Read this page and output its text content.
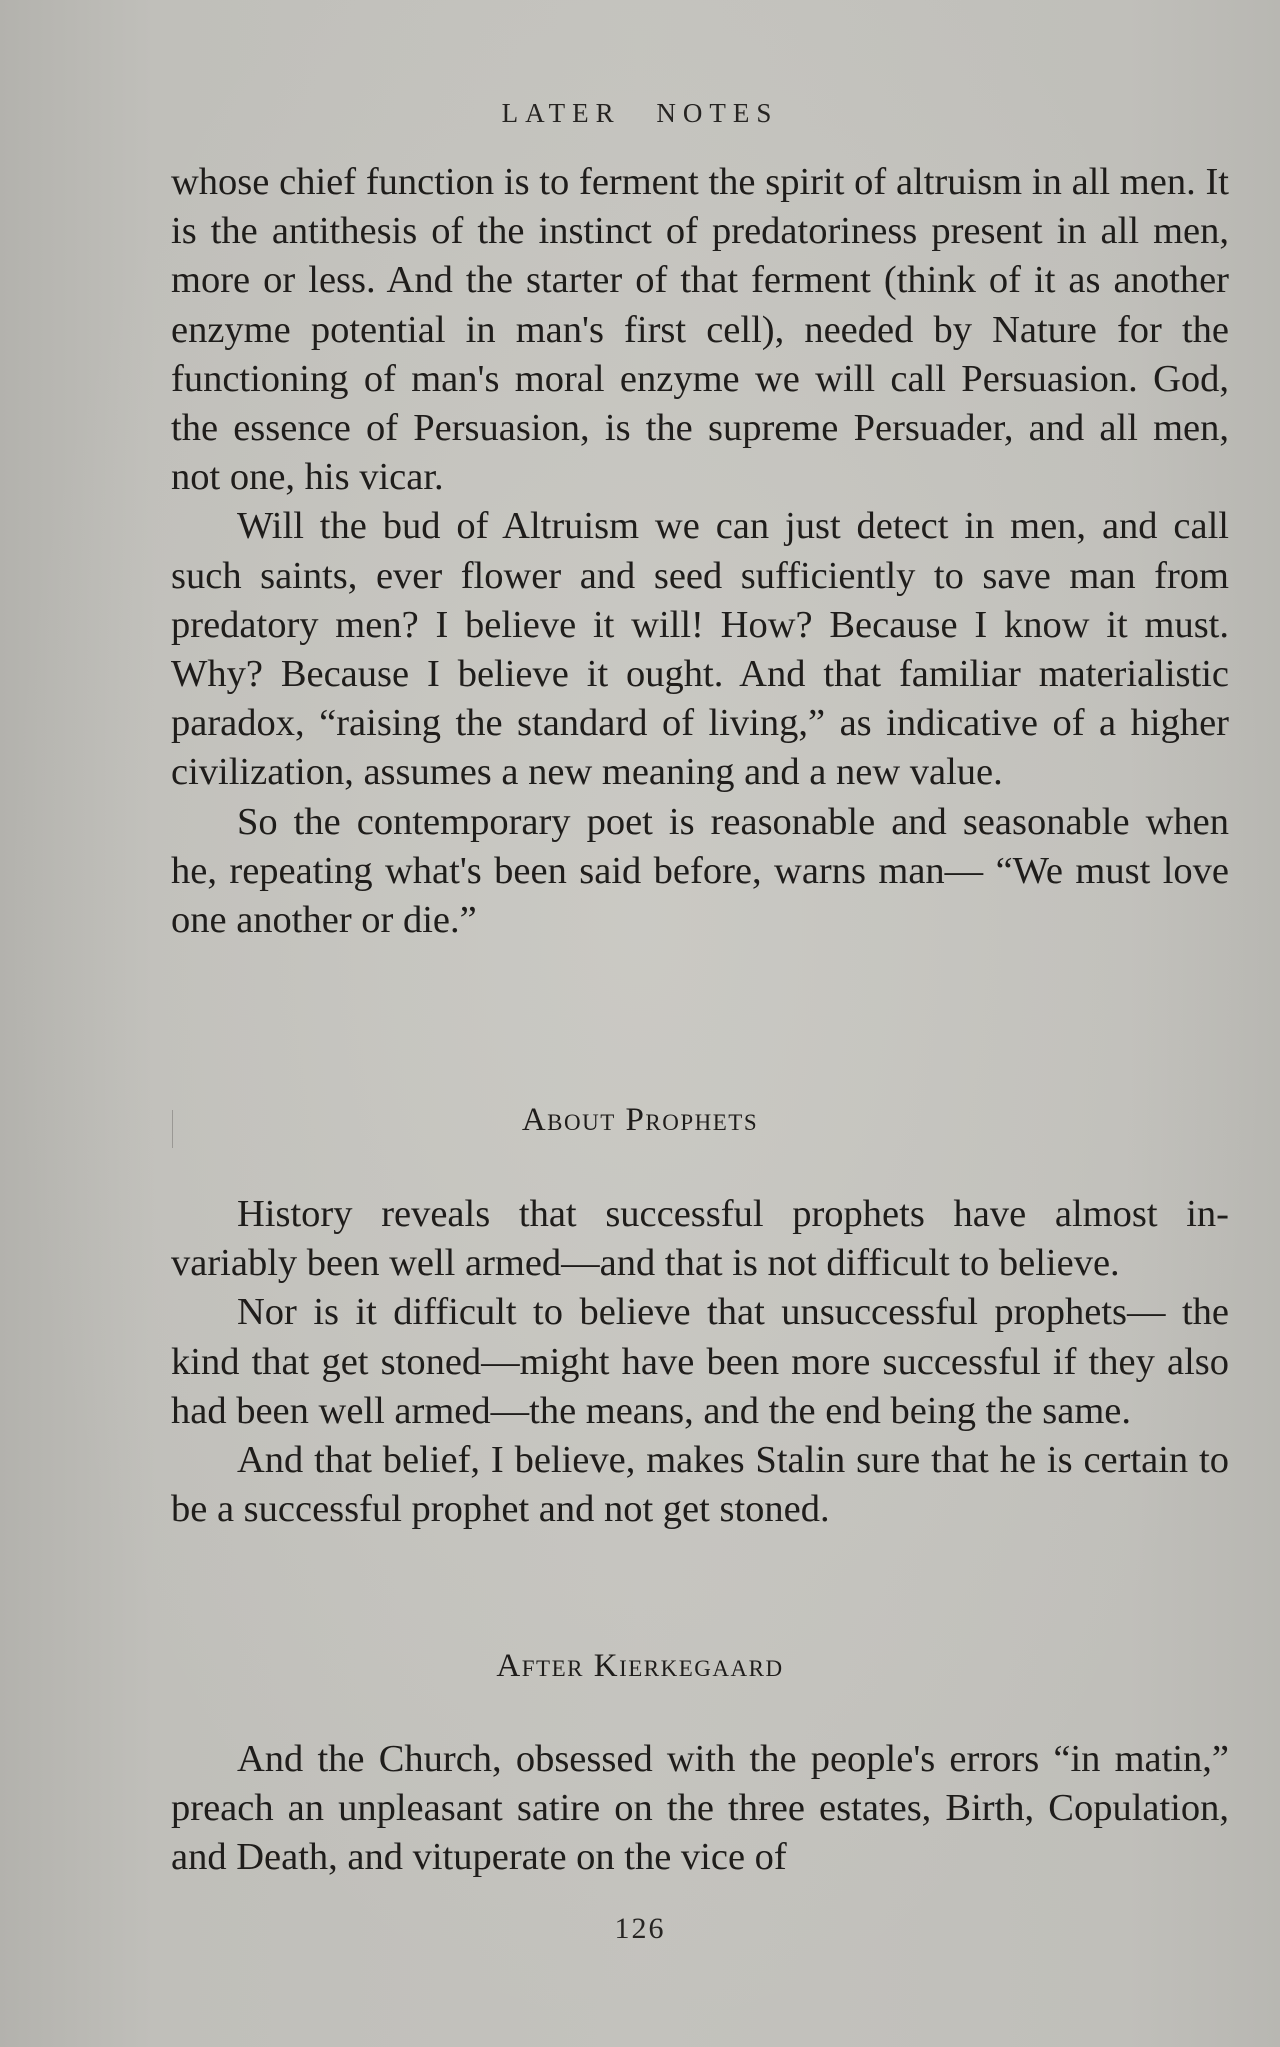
LATER NOTES

whose chief function is to ferment the spirit of altruism in all men. It is the antithesis of the instinct of predatoriness present in all men, more or less. And the starter of that ferment (think of it as another enzyme potential in man's first cell), needed by Nature for the functioning of man's moral enzyme we will call Persuasion. God, the essence of Persuasion, is the supreme Persuader, and all men, not one, his vicar.

Will the bud of Altruism we can just detect in men, and call such saints, ever flower and seed sufficiently to save man from predatory men? I believe it will! How? Because I know it must. Why? Because I believe it ought. And that familiar materialistic paradox, “raising the standard of living,” as indicative of a higher civilization, assumes a new meaning and a new value.

So the contemporary poet is reasonable and seasonable when he, repeating what's been said before, warns man— “We must love one another or die.”

About Prophets

History reveals that successful prophets have almost in- variably been well armed—and that is not difficult to believe.

Nor is it difficult to believe that unsuccessful prophets— the kind that get stoned—might have been more successful if they also had been well armed—the means, and the end being the same.

And that belief, I believe, makes Stalin sure that he is certain to be a successful prophet and not get stoned.

After Kierkegaard

And the Church, obsessed with the people's errors “in matin,” preach an unpleasant satire on the three estates, Birth, Copulation, and Death, and vituperate on the vice of

126
